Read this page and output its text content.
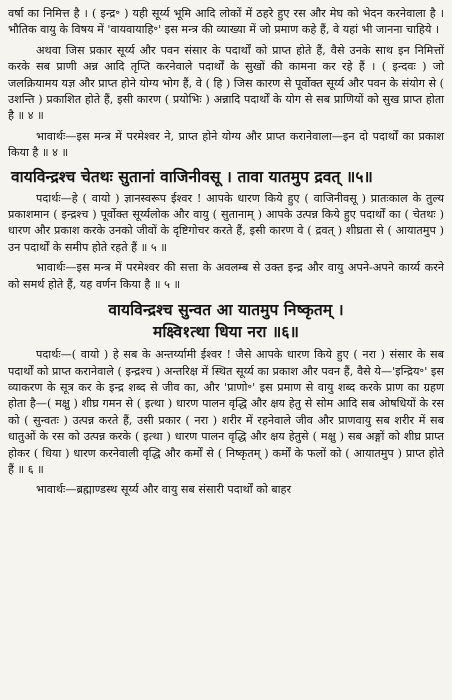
वर्षा का निमित्त है । ( इन्द्र॰ ) यही सूर्य्य भूमि आदि लोकों में ठहरे हुए रस और मेघ को भेदन करनेवाला है । भौतिक वायु के विषय में 'वायवायाहि॰' इस मन्त्र की व्याख्या में जो प्रमाण कहे हैं, वे यहां भी जानना चाहिये ।

अथवा जिस प्रकार सूर्य्य और पवन संसार के पदार्थों को प्राप्त होते हैं, वैसे उनके साथ इन निमित्तों करके सब प्राणी अन्न आदि तृप्ति करनेवाले पदार्थों के सुखों की कामना कर रहे हैं । ( इन्दवः ) जो जलक्रियामय यज्ञ और प्राप्त होने योग्य भोग हैं, वे ( हि ) जिस कारण से पूर्वोक्त सूर्य्य और पवन के संयोग से ( उशन्ति ) प्रकाशित होते हैं, इसी कारण ( प्रयोभिः ) अन्नादि पदार्थों के योग से सब प्राणियों को सुख प्राप्त होता है ॥ ४ ॥

भावार्थः—इस मन्त्र में परमेश्वर ने, प्राप्त होने योग्य और प्राप्त करानेवाला—इन दो पदार्थों का प्रकाश किया है ॥ ४ ॥

वायविन्द्रश्च चेतथः सुतानां वाजिनीवसू । तावा यातमुप द्रवत् ॥५॥

पदार्थः—हे ( वायो ) ज्ञानस्वरूप ईश्वर ! आपके धारण किये हुए ( वाजिनीवसू ) प्रातःकाल के तुल्य प्रकाशमान ( इन्द्रश्च ) पूर्वोक्त सूर्य्यलोक और वायु ( सुतानाम् ) आपके उत्पन्न किये हुए पदार्थों का ( चेतथः ) धारण और प्रकाश करके उनको जीवों के दृष्टिगोचर करते हैं, इसी कारण वे ( द्रवत् ) शीघ्रता से ( आयातमुप ) उन पदार्थों के समीप होते रहते हैं ॥ ५ ॥

भावार्थः—इस मन्त्र में परमेश्वर की सत्ता के अवलम्ब से उक्त इन्द्र और वायु अपने-अपने कार्य्य करने को समर्थ होते हैं, यह वर्णन किया है ॥ ५ ॥

वायविन्द्रश्च सुन्वत आ यातमुप निष्कृतम् ।
मक्ष्वि१त्था धिया नरा ॥६॥

पदार्थः—( वायो ) हे सब के अन्तर्य्यामी ईश्वर ! जैसे आपके धारण किये हुए ( नरा ) संसार के सब पदार्थों को प्राप्त करानेवाले ( इन्द्रश्च ) अन्तरिक्ष में स्थित सूर्य्य का प्रकाश और पवन हैं, वैसे ये—'इन्द्रिय॰' इस व्याकरण के सूत्र कर के इन्द्र शब्द से जीव का, और 'प्राणो॰' इस प्रमाण से वायु शब्द करके प्राण का ग्रहण होता है—( मक्षु ) शीघ्र गमन से ( इत्था ) धारण पालन वृद्धि और क्षय हेतु से सोम आदि सब ओषधियों के रस को ( सुन्वतः ) उत्पन्न करते हैं, उसी प्रकार ( नरा ) शरीर में रहनेवाले जीव और प्राणवायु सब शरीर में सब धातुओं के रस को उत्पन्न करके ( इत्था ) धारण पालन वृद्धि और क्षय हेतुसे ( मक्षु ) सब अङ्गों को शीघ्र प्राप्त होकर ( धिया ) धारण करनेवाली वृद्धि और कर्मों से ( निष्कृतम् ) कर्मों के फलों को ( आयातमुप ) प्राप्त होते हैं ॥ ६ ॥

भावार्थः—ब्रह्माण्डस्थ सूर्य्य और वायु सब संसारी पदार्थों को बाहर
